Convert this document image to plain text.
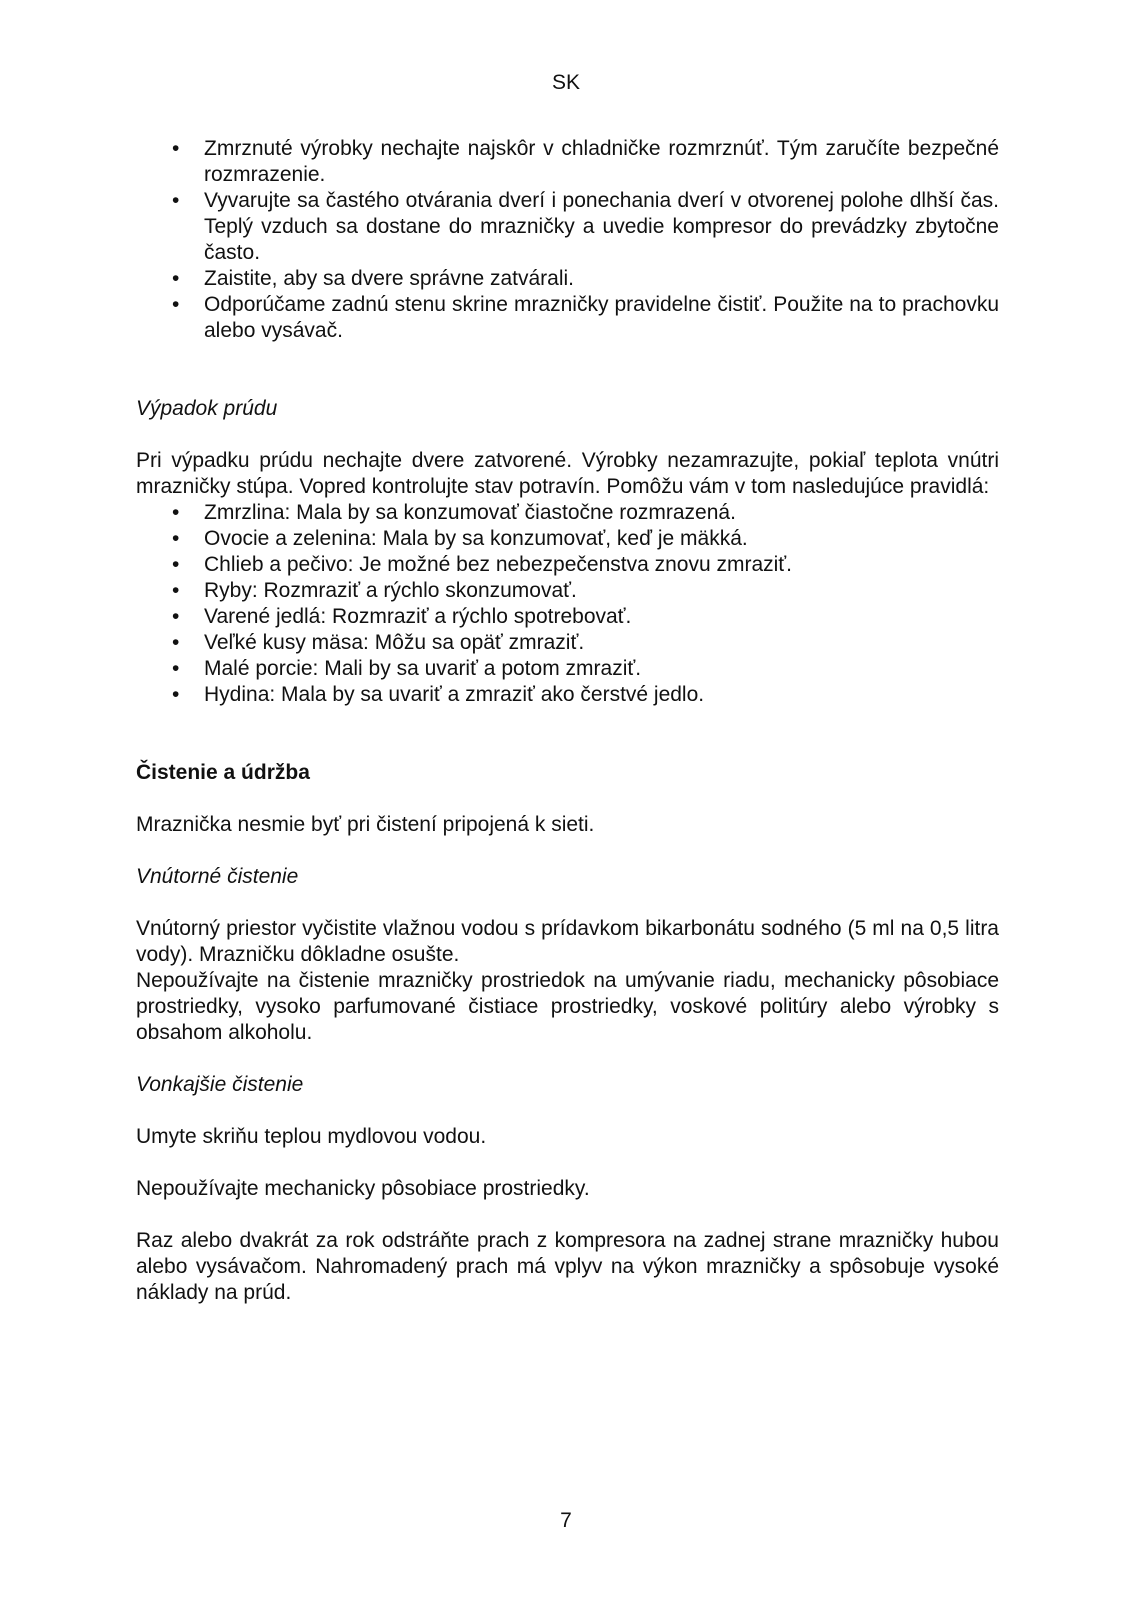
SK
• Zmrznuté výrobky nechajte najskôr v chladničke rozmrznúť. Tým zaručíte bezpečné rozmrazenie.
• Vyvarujte sa častého otvárania dverí i ponechania dverí v otvorenej polohe dlhší čas. Teplý vzduch sa dostane do mrazničky a uvedie kompresor do prevádzky zbytočne často.
• Zaistite, aby sa dvere správne zatvárali.
• Odporúčame zadnú stenu skrine mrazničky pravidelne čistiť. Použite na to prachovku alebo vysávač.

Výpadok prúdu

Pri výpadku prúdu nechajte dvere zatvorené. Výrobky nezamrazujte, pokiaľ teplota vnútri mrazničky stúpa. Vopred kontrolujte stav potravín. Pomôžu vám v tom nasledujúce pravidlá:

• Zmrzlina: Mala by sa konzumovať čiastočne rozmrazená.
• Ovocie a zelenina: Mala by sa konzumovať, keď je mäkká.
• Chlieb a pečivo: Je možné bez nebezpečenstva znovu zmraziť.
• Ryby: Rozmraziť a rýchlo skonzumovať.
• Varené jedlá: Rozmraziť a rýchlo spotrebovať.
• Veľké kusy mäsa: Môžu sa opäť zmraziť.
• Malé porcie: Mali by sa uvariť a potom zmraziť.
• Hydina: Mala by sa uvariť a zmraziť ako čerstvé jedlo.

Čistenie a údržba

Mraznička nesmie byť pri čistení pripojená k sieti.

Vnútorné čistenie

Vnútorný priestor vyčistite vlažnou vodou s prídavkom bikarbonátu sodného (5 ml na 0,5 litra vody). Mrazničku dôkladne osušte.

Nepoužívajte na čistenie mrazničky prostriedok na umývanie riadu, mechanicky pôsobiace prostriedky, vysoko parfumované čistiace prostriedky, voskové politúry alebo výrobky s obsahom alkoholu.

Vonkajšie čistenie

Umyte skriňu teplou mydlovou vodou.

Nepoužívajte mechanicky pôsobiace prostriedky.

Raz alebo dvakrát za rok odstráňte prach z kompresora na zadnej strane mrazničky hubou alebo vysávačom. Nahromadený prach má vplyv na výkon mrazničky a spôsobuje vysoké náklady na prúd.

7
